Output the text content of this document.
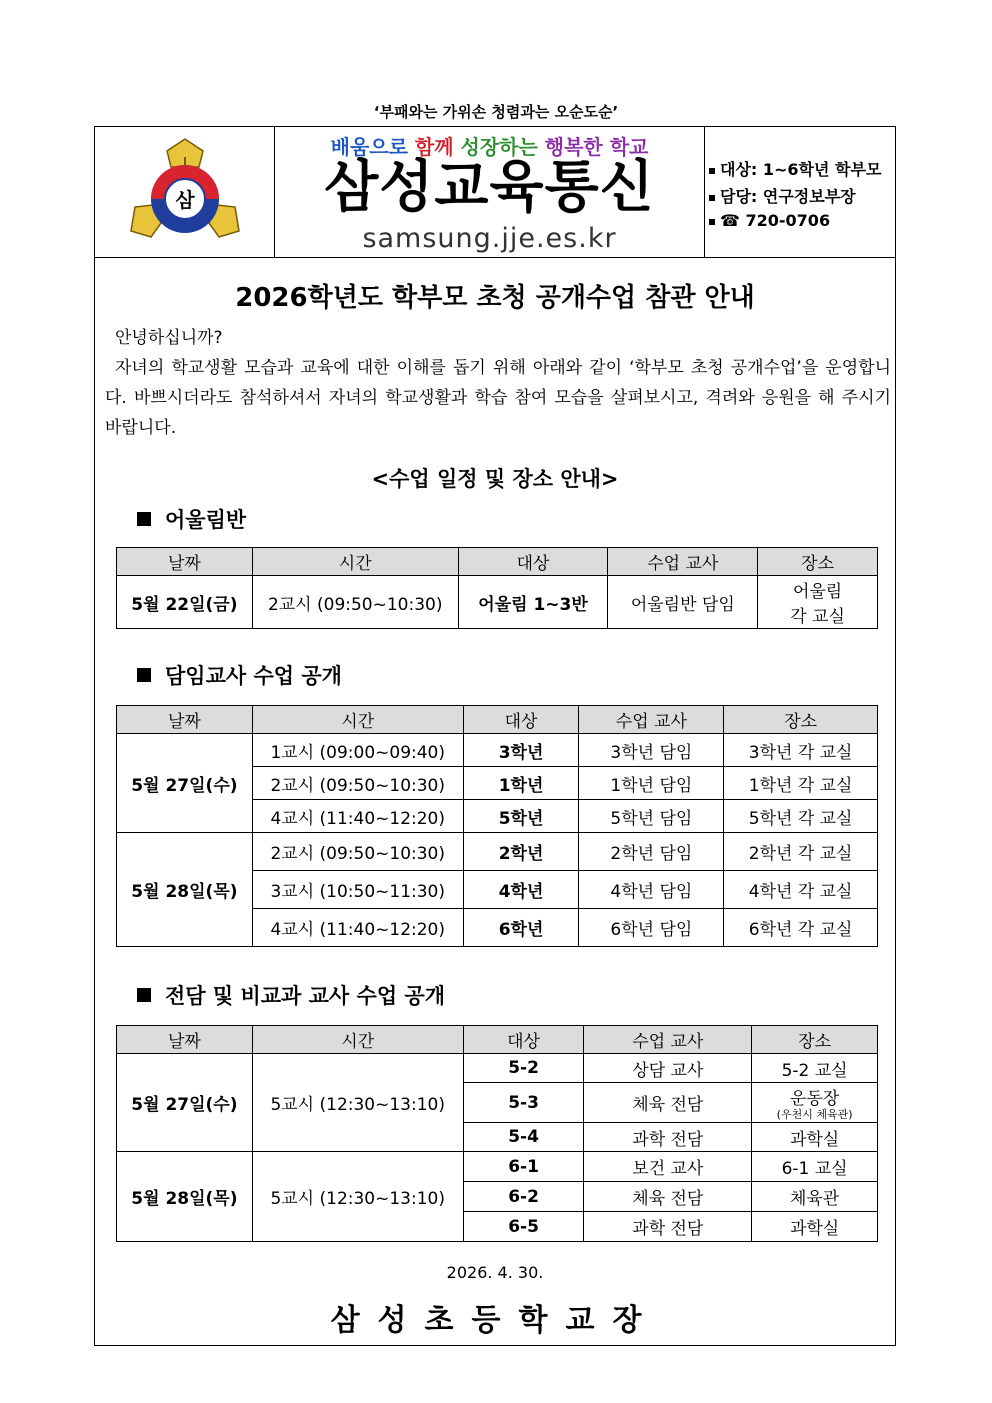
‘부패와는 가위손 청렴과는 오순도순’
삼
배움으로 함께 성장하는 행복한 학교
삼성교육통신
samsung.jje.es.kr
대상: 1~6학년 학부모
담당: 연구정보부장
☎ 720-0706
2026학년도 학부모 초청 공개수업 참관 안내
안녕하십니까?
자녀의 학교생활 모습과 교육에 대한 이해를 돕기 위해 아래와 같이 ‘학부모 초청 공개수업’을 운영합니다. 바쁘시더라도 참석하셔서 자녀의 학교생활과 학습 참여 모습을 살펴보시고, 격려와 응원을 해 주시기 바랍니다.
<수업 일정 및 장소 안내>
어울림반
날짜	시간	대상	수업 교사	장소
5월 22일(금)	2교시 (09:50~10:30)	어울림 1~3반	어울림반 담임	어울림
각 교실
담임교사 수업 공개
날짜	시간	대상	수업 교사	장소
5월 27일(수)	1교시 (09:00~09:40)	3학년	3학년 담임	3학년 각 교실
	2교시 (09:50~10:30)	1학년	1학년 담임	1학년 각 교실
	4교시 (11:40~12:20)	5학년	5학년 담임	5학년 각 교실
5월 28일(목)	2교시 (09:50~10:30)	2학년	2학년 담임	2학년 각 교실
	3교시 (10:50~11:30)	4학년	4학년 담임	4학년 각 교실
	4교시 (11:40~12:20)	6학년	6학년 담임	6학년 각 교실
전담 및 비교과 교사 수업 공개
날짜	시간	대상	수업 교사	장소
5월 27일(수)	5교시 (12:30~13:10)	5-2	상담 교사	5-2 교실
		5-3	체육 전담	운동장
(우천시 체육관)

		5-4	과학 전담	과학실
5월 28일(목)	5교시 (12:30~13:10)	6-1	보건 교사	6-1 교실
		6-2	체육 전담	체육관
		6-5	과학 전담	과학실
2026. 4. 30.
삼성초등학교장
